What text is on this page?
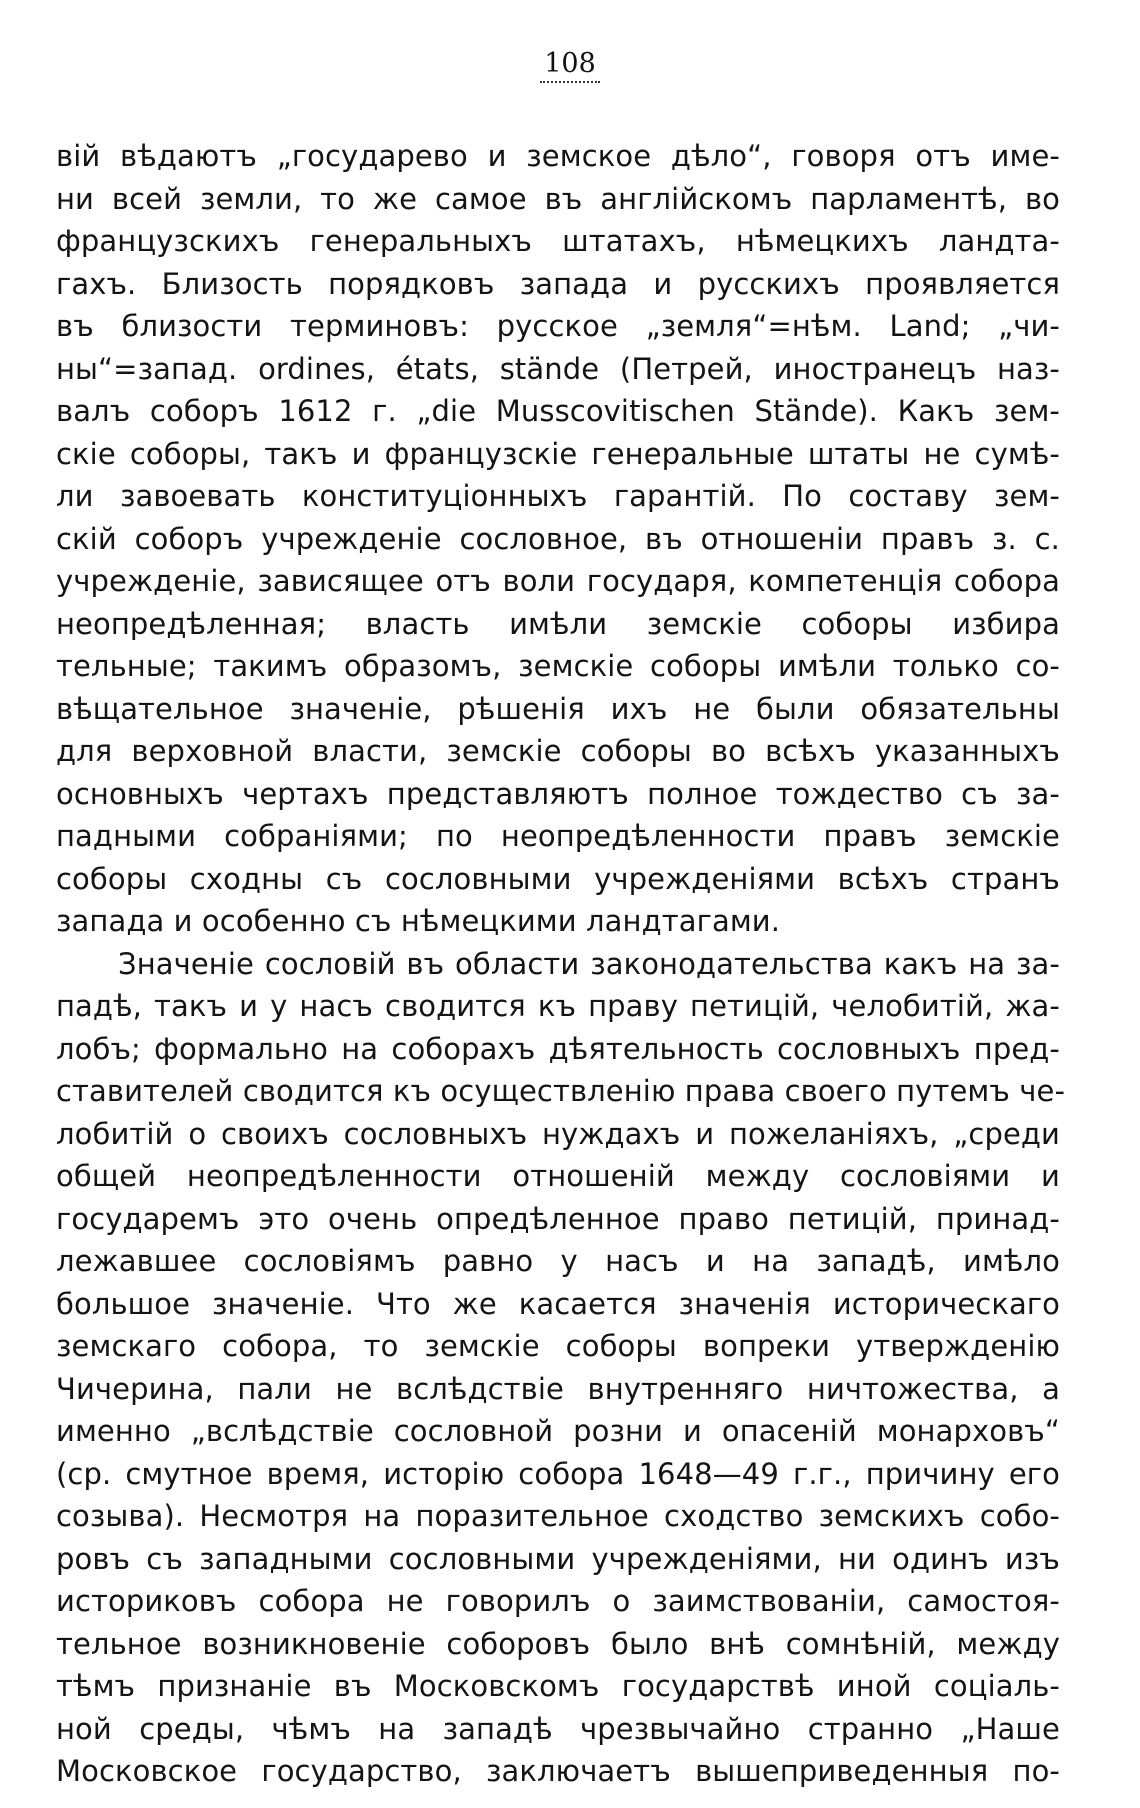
108
вій вѣдаютъ „государево и земское дѣло“, говоря отъ име-
ни всей земли, то же самое въ англійскомъ парламентѣ, во
французскихъ генеральныхъ штатахъ, нѣмецкихъ ландта-
гахъ. Близость порядковъ запада и русскихъ проявляется
въ близости терминовъ: русское „земля“=нѣм. Land; „чи-
ны“=запад. ordines, états, stände (Петрей, иностранецъ наз-
валъ соборъ 1612 г. „die Musscovitischen Stände). Какъ зем-
скіе соборы, такъ и французскіе генеральные штаты не сумѣ-
ли завоевать конституціонныхъ гарантій. По составу зем-
скій соборъ учрежденіе сословное, въ отношеніи правъ з. с.
учрежденіе, зависящее отъ воли государя, компетенція собора
неопредѣленная; власть имѣли земскіе соборы избира
тельные; такимъ образомъ, земскіе соборы имѣли только со-
вѣщательное значеніе, рѣшенія ихъ не были обязательны
для верховной власти, земскіе соборы во всѣхъ указанныхъ
основныхъ чертахъ представляютъ полное тождество съ за-
падными собраніями; по неопредѣленности правъ земскіе
соборы сходны съ сословными учрежденіями всѣхъ странъ
запада и особенно съ нѣмецкими ландтагами.
Значеніе сословій въ области законодательства какъ на за-
падѣ, такъ и у насъ сводится къ праву петицій, челобитій, жа-
лобъ; формально на соборахъ дѣятельность сословныхъ пред-
ставителей сводится къ осуществленію права своего путемъ че-
лобитій о своихъ сословныхъ нуждахъ и пожеланіяхъ, „среди
общей неопредѣленности отношеній между сословіями и
государемъ это очень опредѣленное право петицій, принад-
лежавшее сословіямъ равно у насъ и на западѣ, имѣло
большое значеніе. Что же касается значенія историческаго
земскаго собора, то земскіе соборы вопреки утвержденію
Чичерина, пали не вслѣдствіе внутренняго ничтожества, а
именно „вслѣдствіе сословной розни и опасеній монарховъ“
(ср. смутное время, исторію собора 1648—49 г.г., причину его
созыва). Несмотря на поразительное сходство земскихъ собо-
ровъ съ западными сословными учрежденіями, ни одинъ изъ
историковъ собора не говорилъ о заимствованіи, самостоя-
тельное возникновеніе соборовъ было внѣ сомнѣній, между
тѣмъ признаніе въ Московскомъ государствѣ иной соціаль-
ной среды, чѣмъ на западѣ чрезвычайно странно „Наше
Московское государство, заключаетъ вышеприведенныя по-
